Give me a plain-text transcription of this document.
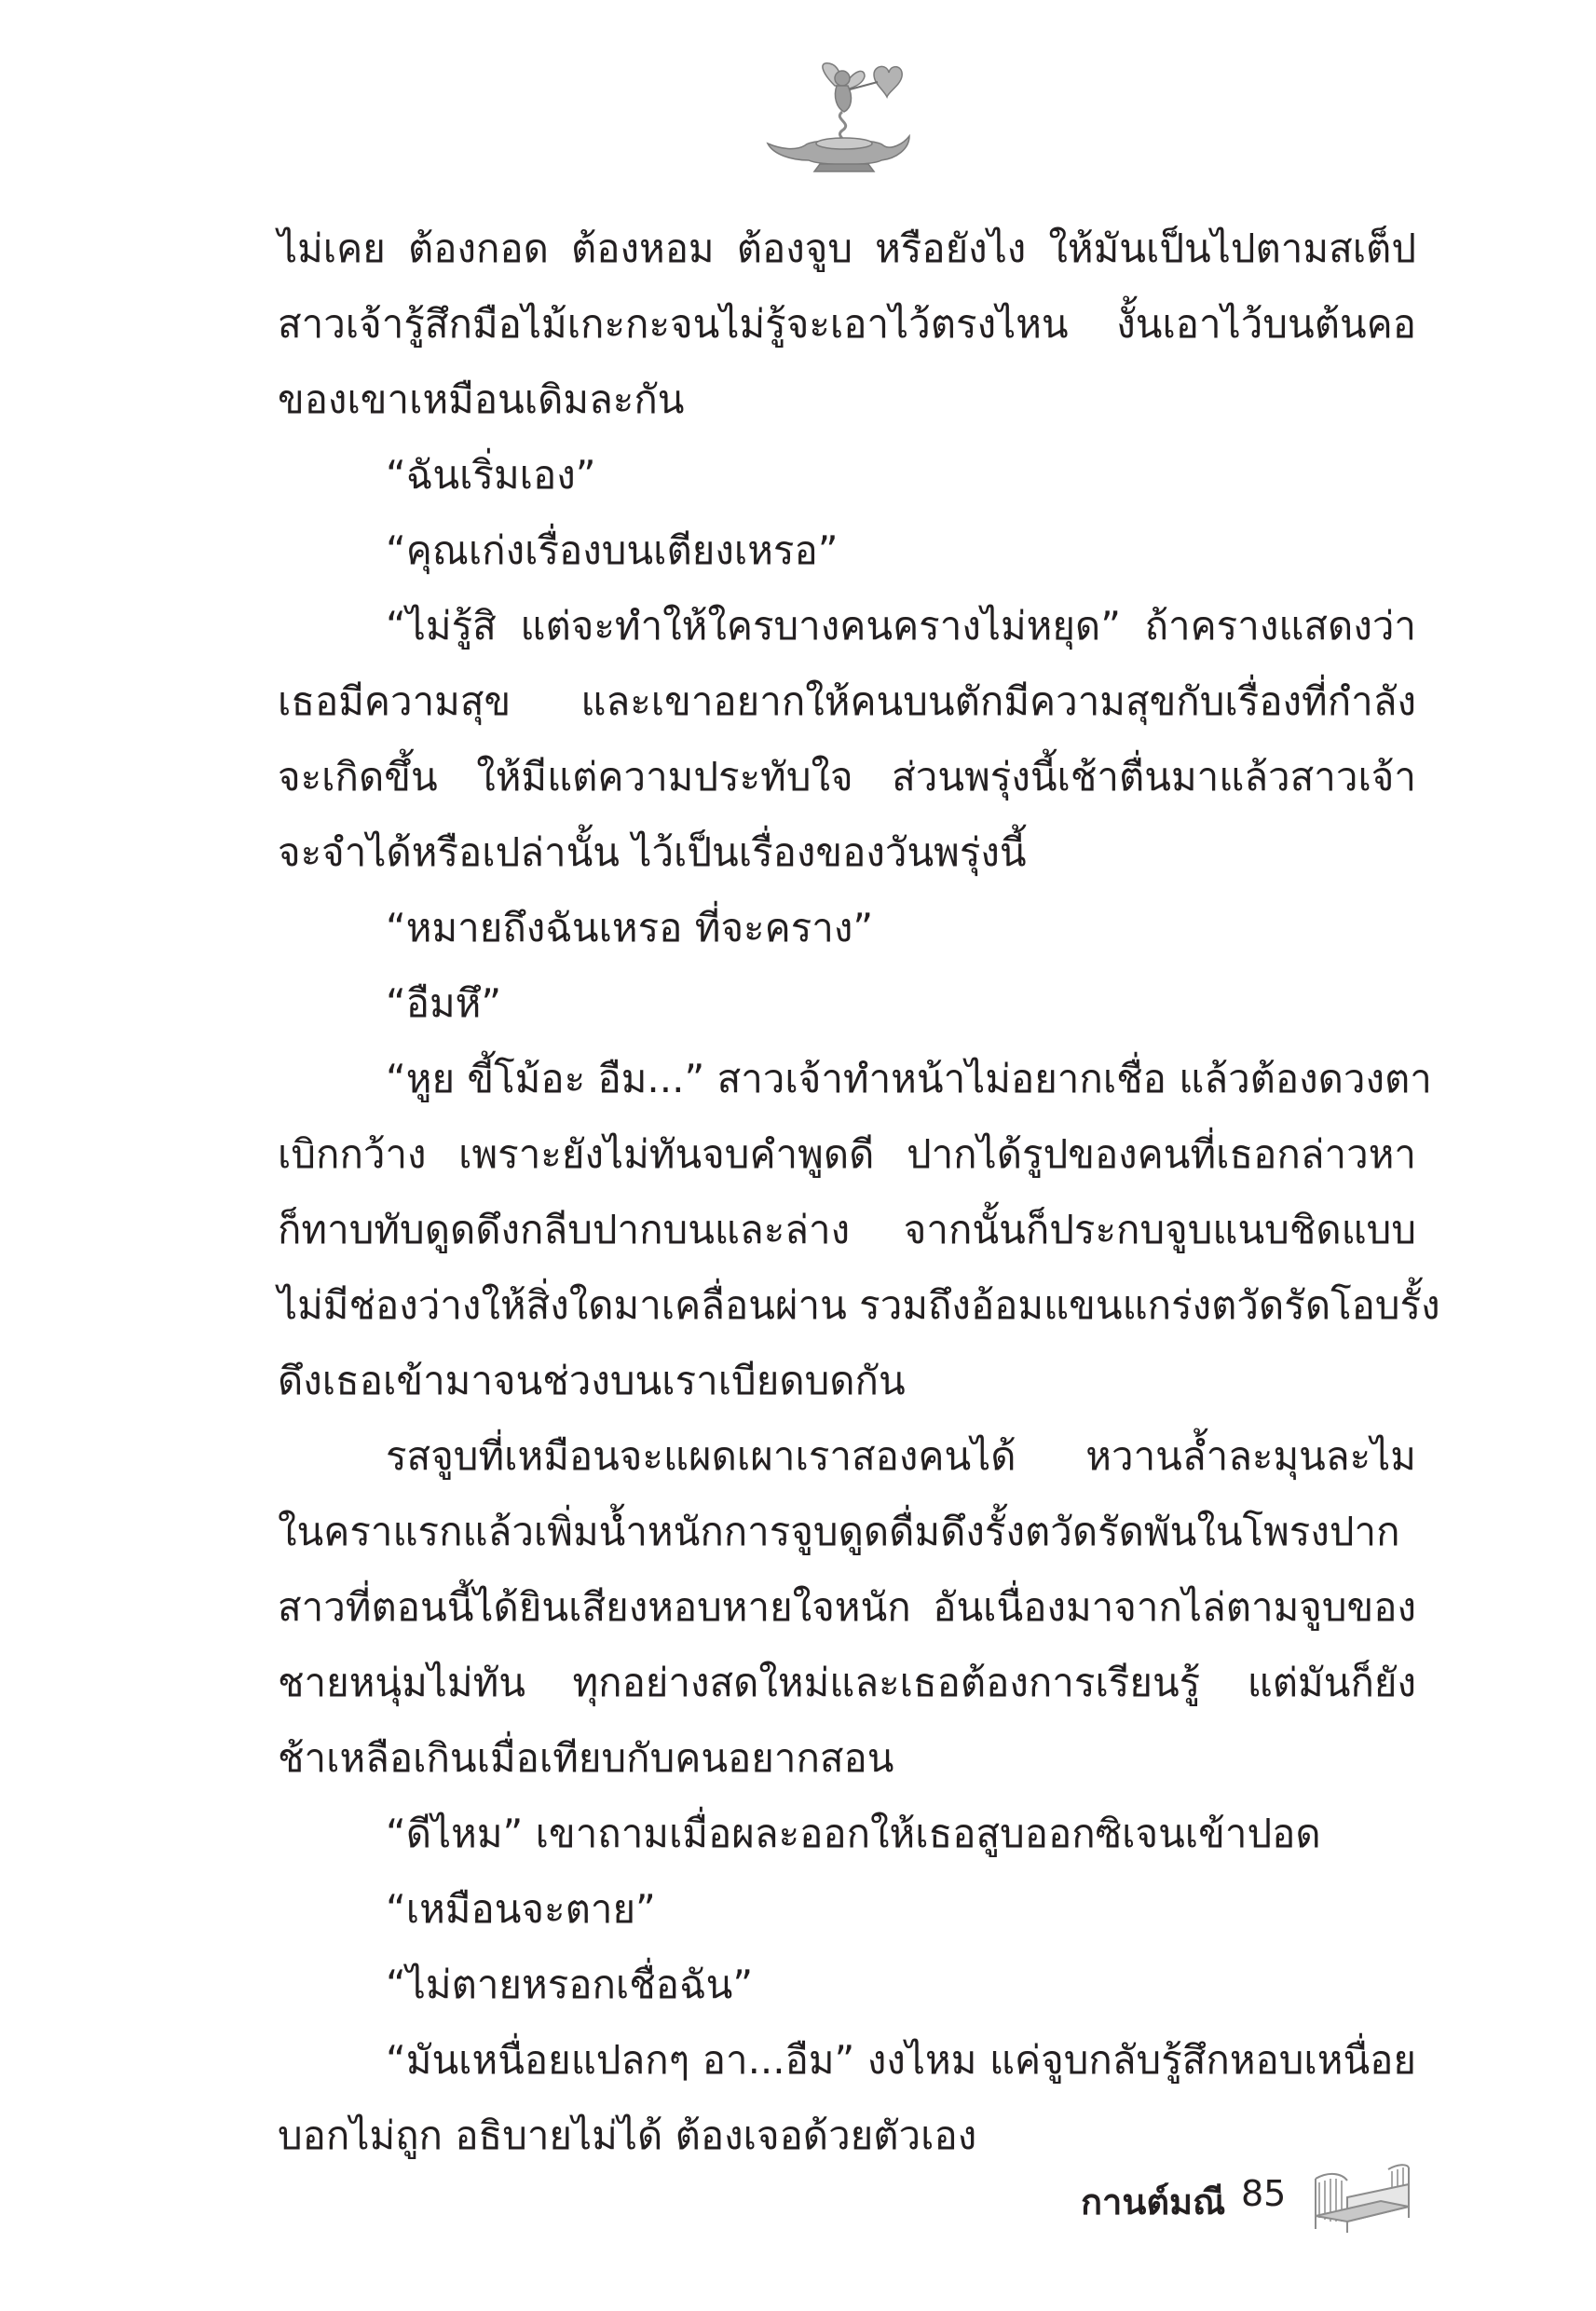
ไม่เคย ต้องกอด ต้องหอม ต้องจูบ หรือยังไง ให้มันเป็นไปตามสเต็ป
สาวเจ้ารู้สึกมือไม้เกะกะจนไม่รู้จะเอาไว้ตรงไหน งั้นเอาไว้บนต้นคอ
ของเขาเหมือนเดิมละกัน
“ฉันเริ่มเอง”
“คุณเก่งเรื่องบนเตียงเหรอ”
“ไม่รู้สิ แต่จะทำให้ใครบางคนครางไม่หยุด” ถ้าครางแสดงว่า
เธอมีความสุข และเขาอยากให้คนบนตักมีความสุขกับเรื่องที่กำลัง
จะเกิดขึ้น ให้มีแต่ความประทับใจ ส่วนพรุ่งนี้เช้าตื่นมาแล้วสาวเจ้า
จะจำได้หรือเปล่านั้น ไว้เป็นเรื่องของวันพรุ่งนี้
“หมายถึงฉันเหรอ ที่จะคราง”
“อืมหึ”
“หูย ขี้โม้อะ อืม...” สาวเจ้าทำหน้าไม่อยากเชื่อ แล้วต้องดวงตา
เบิกกว้าง เพราะยังไม่ทันจบคำพูดดี ปากได้รูปของคนที่เธอกล่าวหา
ก็ทาบทับดูดดึงกลีบปากบนและล่าง จากนั้นก็ประกบจูบแนบชิดแบบ
ไม่มีช่องว่างให้สิ่งใดมาเคลื่อนผ่าน รวมถึงอ้อมแขนแกร่งตวัดรัดโอบรั้ง
ดึงเธอเข้ามาจนช่วงบนเราเบียดบดกัน
รสจูบที่เหมือนจะแผดเผาเราสองคนได้ หวานล้ำละมุนละไม
ในคราแรกแล้วเพิ่มน้ำหนักการจูบดูดดื่มดึงรั้งตวัดรัดพันในโพรงปาก
สาวที่ตอนนี้ได้ยินเสียงหอบหายใจหนัก อันเนื่องมาจากไล่ตามจูบของ
ชายหนุ่มไม่ทัน ทุกอย่างสดใหม่และเธอต้องการเรียนรู้ แต่มันก็ยัง
ช้าเหลือเกินเมื่อเทียบกับคนอยากสอน
“ดีไหม” เขาถามเมื่อผละออกให้เธอสูบออกซิเจนเข้าปอด
“เหมือนจะตาย”
“ไม่ตายหรอกเชื่อฉัน”
“มันเหนื่อยแปลกๆ อา...อืม” งงไหม แค่จูบกลับรู้สึกหอบเหนื่อย
บอกไม่ถูก อธิบายไม่ได้ ต้องเจอด้วยตัวเอง
กานต์มณี 85
